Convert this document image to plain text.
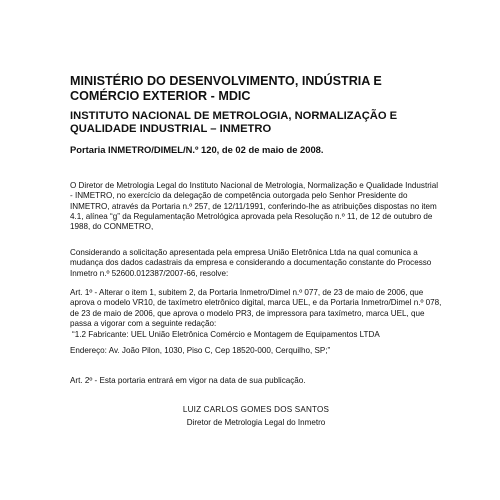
MINISTÉRIO DO DESENVOLVIMENTO, INDÚSTRIA E COMÉRCIO EXTERIOR - MDIC

INSTITUTO NACIONAL DE METROLOGIA, NORMALIZAÇÃO E QUALIDADE INDUSTRIAL – INMETRO

Portaria INMETRO/DIMEL/N.º 120, de 02 de maio de 2008.

O Diretor de Metrologia Legal do Instituto Nacional de Metrologia, Normalização e Qualidade Industrial - INMETRO, no exercício da delegação de competência outorgada pelo Senhor Presidente do INMETRO, através da Portaria n.º 257, de 12/11/1991, conferindo-lhe as atribuições dispostas no item 4.1, alínea “g” da Regulamentação Metrológica aprovada pela Resolução n.º 11, de 12 de outubro de 1988, do CONMETRO,

Considerando a solicitação apresentada pela empresa União Eletrônica Ltda na qual comunica a mudança dos dados cadastrais da empresa e considerando a documentação constante do Processo Inmetro n.º 52600.012387/2007-66, resolve:

Art. 1º - Alterar o item 1, subitem 2, da Portaria Inmetro/Dimel n.º 077, de 23 de maio de 2006, que aprova o modelo VR10, de taxímetro eletrônico digital, marca UEL, e da Portaria Inmetro/Dimel n.º 078, de 23 de maio de 2006, que aprova o modelo PR3, de impressora para taxímetro, marca UEL, que passa a vigorar com a seguinte redação:

“1.2 Fabricante: UEL União Eletrônica Comércio e Montagem de Equipamentos LTDA

Endereço: Av. João Pilon, 1030, Piso C, Cep 18520-000, Cerquilho, SP;”

Art. 2º - Esta portaria entrará em vigor na data de sua publicação.

LUIZ CARLOS GOMES DOS SANTOS

Diretor de Metrologia Legal do Inmetro
